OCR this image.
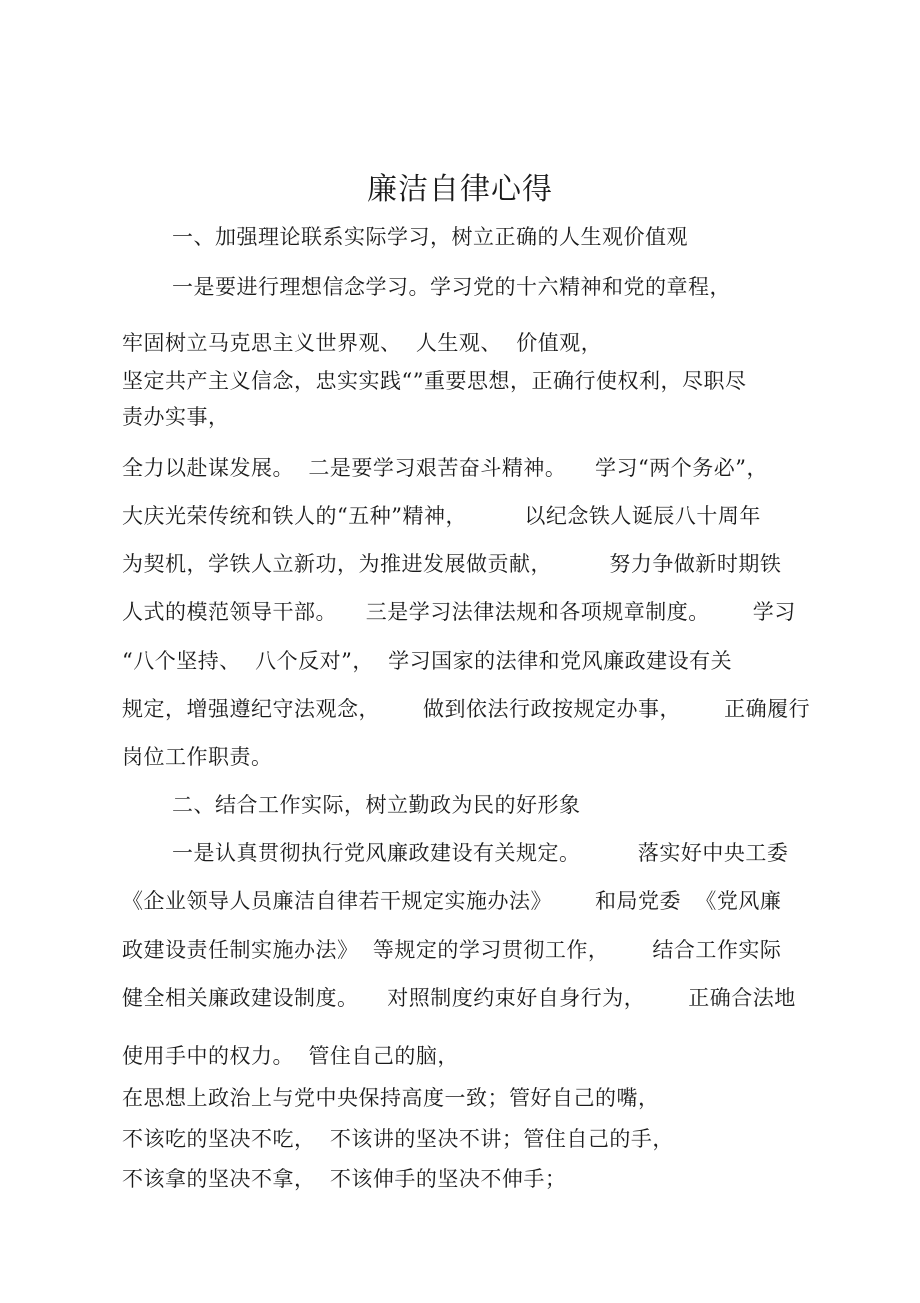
廉洁自律心得
一、加强理论联系实际学习，树立正确的人生观价值观
一是要进行理想信念学习。学习党的十六精神和党的章程，
牢固树立马克思主义世界观、  人生观、  价值观，
坚定共产主义信念，忠实实践“”重要思想，正确行使权利，尽职尽
责办实事，
全力以赴谋发展。  二是要学习艰苦奋斗精神。    学习“两个务必”，
大庆光荣传统和铁人的“五种”精神，        以纪念铁人诞辰八十周年
为契机，学铁人立新功，为推进发展做贡献，        努力争做新时期铁
人式的模范领导干部。    三是学习法律法规和各项规章制度。      学习
“八个坚持、  八个反对”，  学习国家的法律和党风廉政建设有关
规定，增强遵纪守法观念，      做到依法行政按规定办事，      正确履行
岗位工作职责。
二、结合工作实际，树立勤政为民的好形象
一是认真贯彻执行党风廉政建设有关规定。        落实好中央工委
《企业领导人员廉洁自律若干规定实施办法》      和局党委  《党风廉
政建设责任制实施办法》  等规定的学习贯彻工作，      结合工作实际
健全相关廉政建设制度。    对照制度约束好自身行为，      正确合法地
使用手中的权力。  管住自己的脑，
在思想上政治上与党中央保持高度一致；管好自己的嘴，
不该吃的坚决不吃，  不该讲的坚决不讲；管住自己的手，
不该拿的坚决不拿，  不该伸手的坚决不伸手；
